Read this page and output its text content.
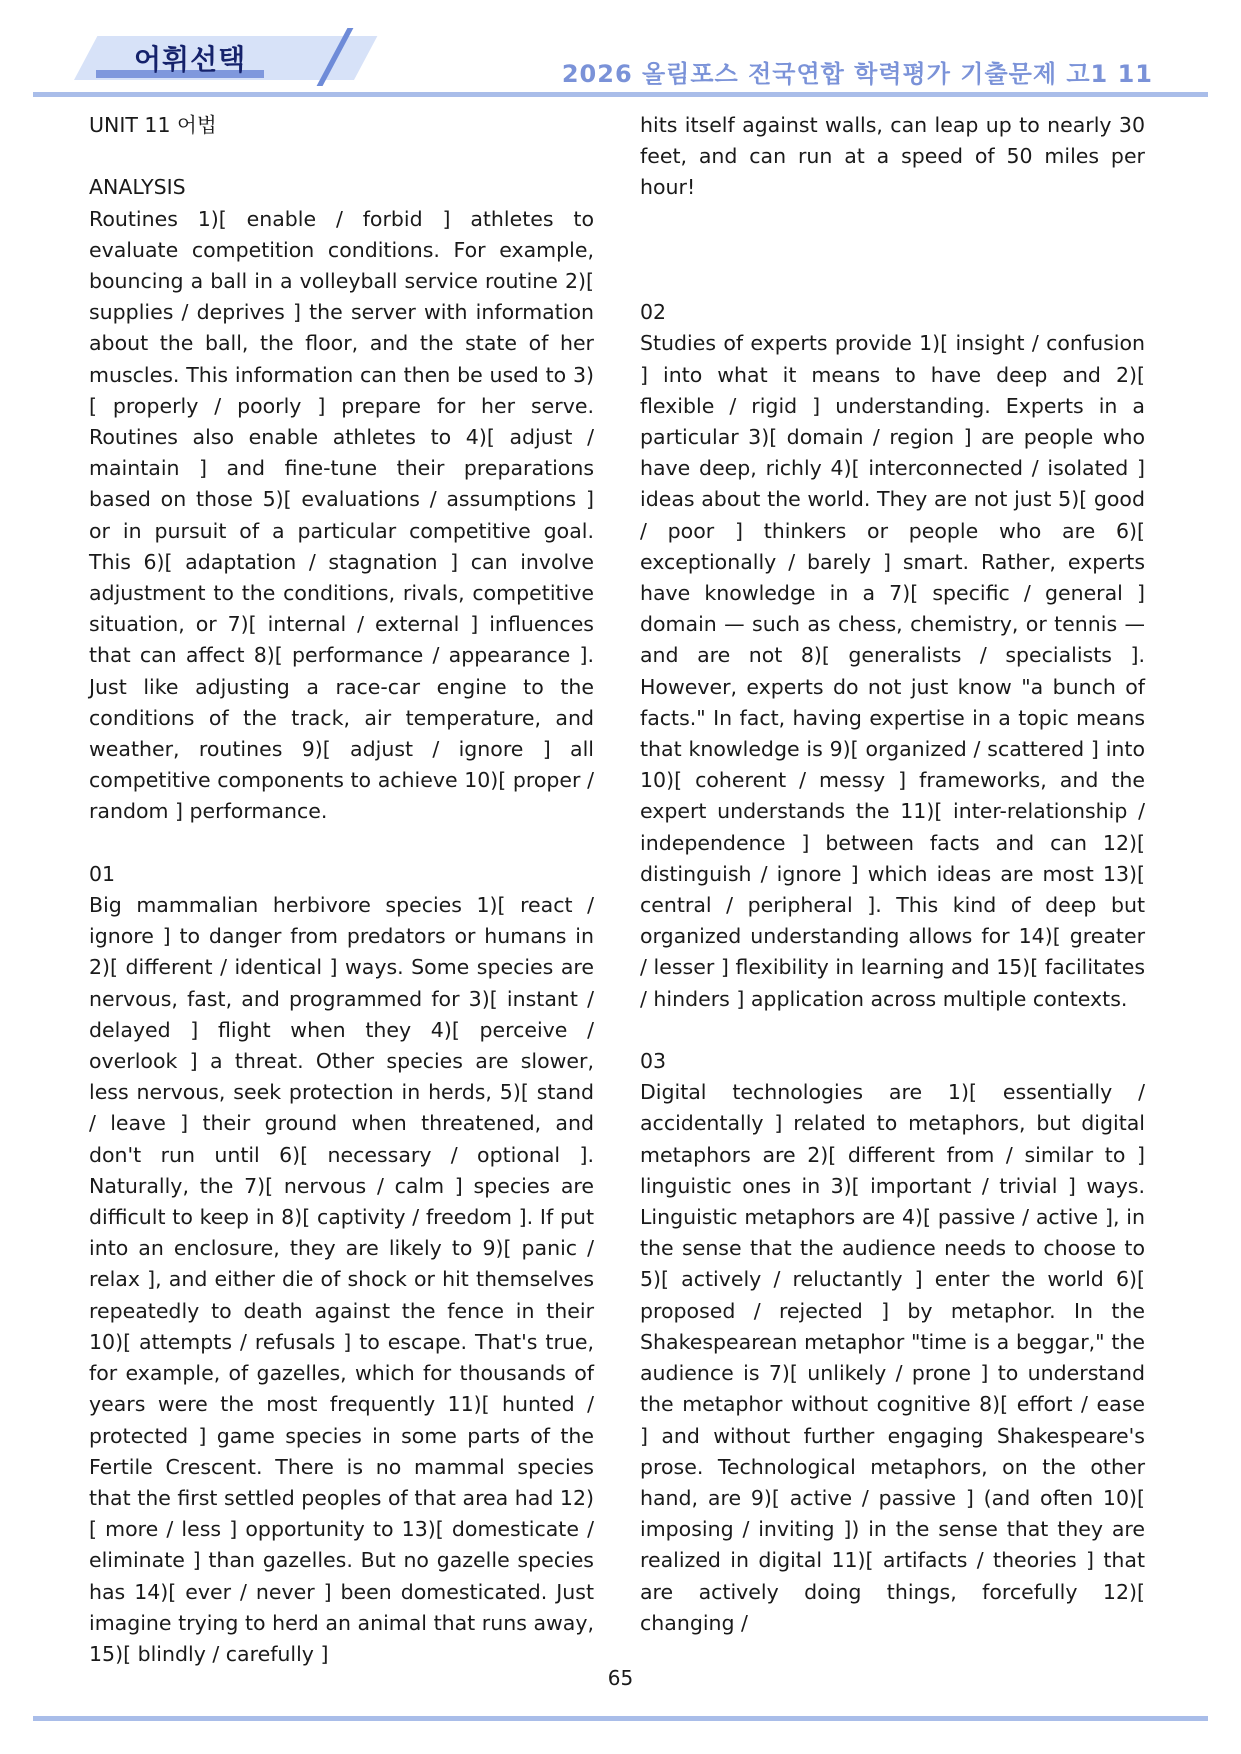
어휘선택	2026 올림포스 전국연합 학력평가 기출문제 고1 11

UNIT 11 어법

ANALYSIS

Routines 1)[ enable / forbid ] athletes to evaluate competition conditions. For example, bouncing a ball in a volleyball service routine 2)[ supplies / deprives ] the server with information about the ball, the floor, and the state of her muscles. This information can then be used to 3)[ properly / poorly ] prepare for her serve. Routines also enable athletes to 4)[ adjust / maintain ] and fine-tune their preparations based on those 5)[ evaluations / assumptions ] or in pursuit of a particular competitive goal. This 6)[ adaptation / stagnation ] can involve adjustment to the conditions, rivals, competitive situation, or 7)[ internal / external ] influences that can affect 8)[ performance / appearance ]. Just like adjusting a race-car engine to the conditions of the track, air temperature, and weather, routines 9)[ adjust / ignore ] all competitive components to achieve 10)[ proper / random ] performance.

01

Big mammalian herbivore species 1)[ react / ignore ] to danger from predators or humans in 2)[ different / identical ] ways. Some species are nervous, fast, and programmed for 3)[ instant / delayed ] flight when they 4)[ perceive / overlook ] a threat. Other species are slower, less nervous, seek protection in herds, 5)[ stand / leave ] their ground when threatened, and don't run until 6)[ necessary / optional ]. Naturally, the 7)[ nervous / calm ] species are difficult to keep in 8)[ captivity / freedom ]. If put into an enclosure, they are likely to 9)[ panic / relax ], and either die of shock or hit themselves repeatedly to death against the fence in their 10)[ attempts / refusals ] to escape. That's true, for example, of gazelles, which for thousands of years were the most frequently 11)[ hunted / protected ] game species in some parts of the Fertile Crescent. There is no mammal species that the first settled peoples of that area had 12)[ more / less ] opportunity to 13)[ domesticate / eliminate ] than gazelles. But no gazelle species has 14)[ ever / never ] been domesticated. Just imagine trying to herd an animal that runs away, 15)[ blindly / carefully ]

hits itself against walls, can leap up to nearly 30 feet, and can run at a speed of 50 miles per hour!

02

Studies of experts provide 1)[ insight / confusion ] into what it means to have deep and 2)[ flexible / rigid ] understanding. Experts in a particular 3)[ domain / region ] are people who have deep, richly 4)[ interconnected / isolated ] ideas about the world. They are not just 5)[ good / poor ] thinkers or people who are 6)[ exceptionally / barely ] smart. Rather, experts have knowledge in a 7)[ specific / general ] domain — such as chess, chemistry, or tennis — and are not 8)[ generalists / specialists ]. However, experts do not just know "a bunch of facts." In fact, having expertise in a topic means that knowledge is 9)[ organized / scattered ] into 10)[ coherent / messy ] frameworks, and the expert understands the 11)[ inter-relationship / independence ] between facts and can 12)[ distinguish / ignore ] which ideas are most 13)[ central / peripheral ]. This kind of deep but organized understanding allows for 14)[ greater / lesser ] flexibility in learning and 15)[ facilitates / hinders ] application across multiple contexts.

03

Digital technologies are 1)[ essentially / accidentally ] related to metaphors, but digital metaphors are 2)[ different from / similar to ] linguistic ones in 3)[ important / trivial ] ways. Linguistic metaphors are 4)[ passive / active ], in the sense that the audience needs to choose to 5)[ actively / reluctantly ] enter the world 6)[ proposed / rejected ] by metaphor. In the Shakespearean metaphor "time is a beggar," the audience is 7)[ unlikely / prone ] to understand the metaphor without cognitive 8)[ effort / ease ] and without further engaging Shakespeare's prose. Technological metaphors, on the other hand, are 9)[ active / passive ] (and often 10)[ imposing / inviting ]) in the sense that they are realized in digital 11)[ artifacts / theories ] that are actively doing things, forcefully 12)[ changing /

65
